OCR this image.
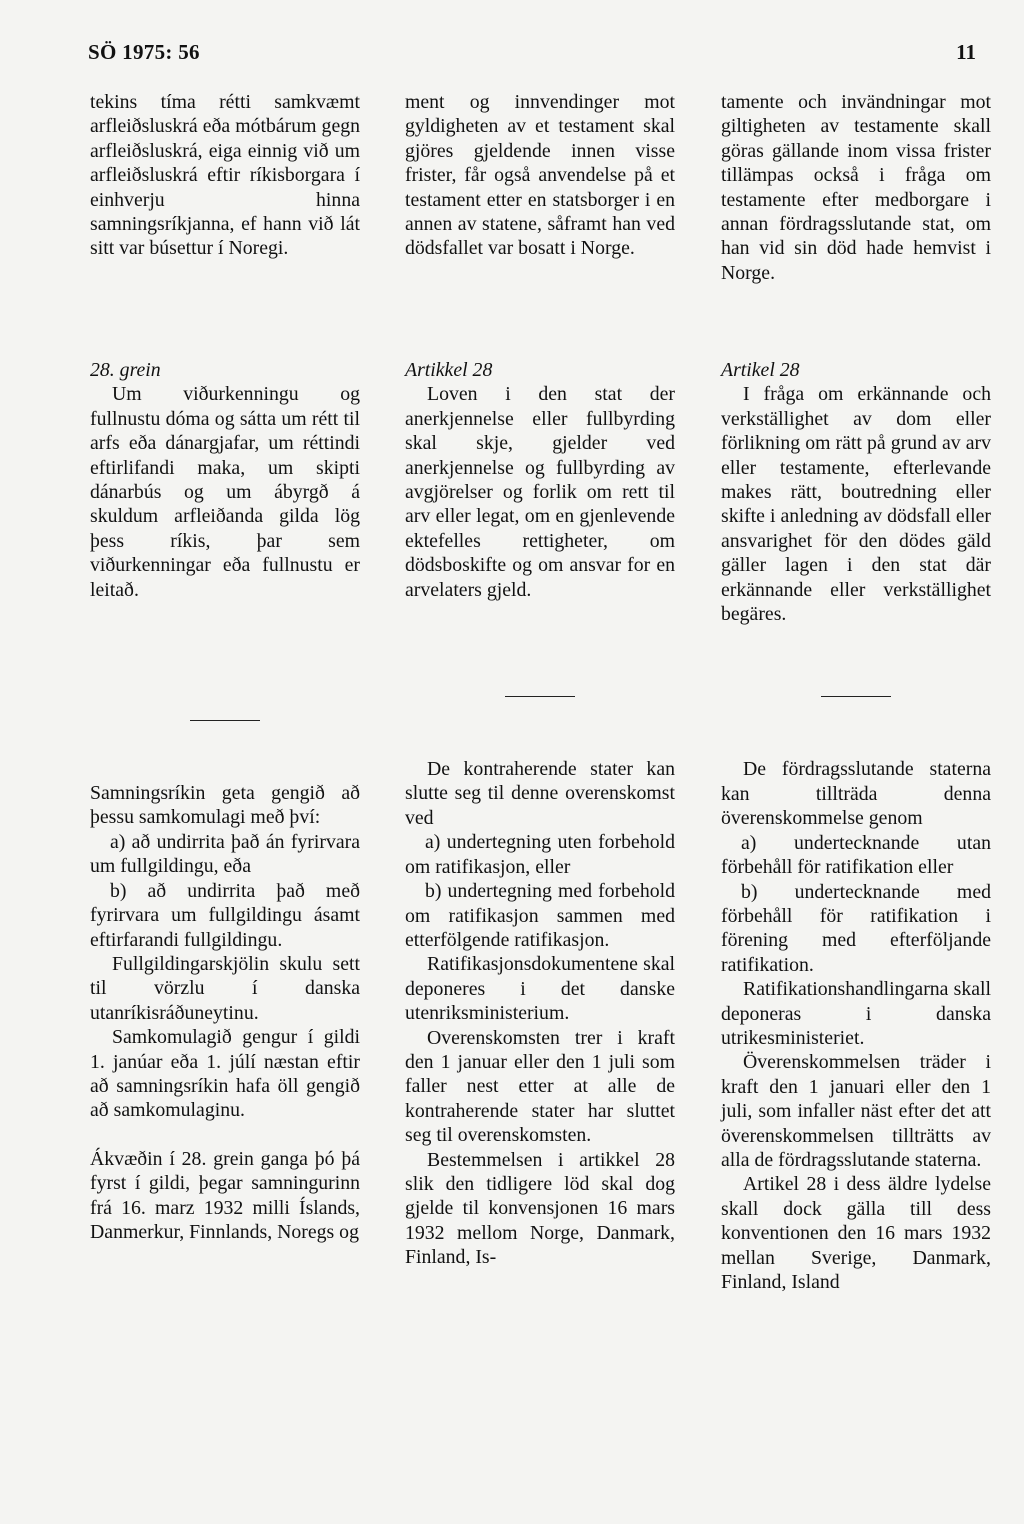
SÖ 1975: 56	11

tekins tíma rétti samkvæmt arfleiðsluskrá eða mótbárum gegn arfleiðsluskrá, eiga einnig við um arfleiðsluskrá eftir ríkisborgara í einhverju hinna samningsríkjanna, ef hann við lát sitt var búsettur í Noregi.

28. grein

Um viðurkenningu og fullnustu dóma og sátta um rétt til arfs eða dánargjafar, um réttindi eftirlifandi maka, um skipti dánarbús og um ábyrgð á skuldum arfleiðanda gilda lög þess ríkis, þar sem viðurkenningar eða fullnustu er leitað.

Samningsríkin geta gengið að þessu samkomulagi með því:

a) að undirrita það án fyrirvara um fullgildingu, eða

b) að undirrita það með fyrirvara um fullgildingu ásamt eftirfarandi fullgildingu.

Fullgildingarskjölin skulu sett til vörzlu í danska utanríkisráðuneytinu.

Samkomulagið gengur í gildi 1. janúar eða 1. júlí næstan eftir að samningsríkin hafa öll gengið að samkomulaginu.

Ákvæðin í 28. grein ganga þó þá fyrst í gildi, þegar samningurinn frá 16. marz 1932 milli Íslands, Danmerkur, Finnlands, Noregs og

ment og innvendinger mot gyldigheten av et testament skal gjöres gjeldende innen visse frister, får også anvendelse på et testament etter en statsborger i en annen av statene, såframt han ved dödsfallet var bosatt i Norge.

Artikkel 28

Loven i den stat der anerkjennelse eller fullbyrding skal skje, gjelder ved anerkjennelse og fullbyrding av avgjörelser og forlik om rett til arv eller legat, om en gjenlevende ektefelles rettigheter, om dödsboskifte og om ansvar for en arvelaters gjeld.

De kontraherende stater kan slutte seg til denne overenskomst ved

a) undertegning uten forbehold om ratifikasjon, eller

b) undertegning med forbehold om ratifikasjon sammen med etterfölgende ratifikasjon.

Ratifikasjonsdokumentene skal deponeres i det danske utenriksministerium.

Overenskomsten trer i kraft den 1 januar eller den 1 juli som faller nest etter at alle de kontraherende stater har sluttet seg til overenskomsten.

Bestemmelsen i artikkel 28 slik den tidligere löd skal dog gjelde til konvensjonen 16 mars 1932 mellom Norge, Danmark, Finland, Is-

tamente och invändningar mot giltigheten av testamente skall göras gällande inom vissa frister tillämpas också i fråga om testamente efter medborgare i annan fördragsslutande stat, om han vid sin död hade hemvist i Norge.

Artikel 28

I fråga om erkännande och verkställighet av dom eller förlikning om rätt på grund av arv eller testamente, efterlevande makes rätt, boutredning eller skifte i anledning av dödsfall eller ansvarighet för den dödes gäld gäller lagen i den stat där erkännande eller verkställighet begäres.

De fördragsslutande staterna kan tillträda denna överenskommelse genom

a) undertecknande utan förbehåll för ratifikation eller

b) undertecknande med förbehåll för ratifikation i förening med efterföljande ratifikation.

Ratifikationshandlingarna skall deponeras i danska utrikesministeriet.

Överenskommelsen träder i kraft den 1 januari eller den 1 juli, som infaller näst efter det att överenskommelsen tillträtts av alla de fördragsslutande staterna.

Artikel 28 i dess äldre lydelse skall dock gälla till dess konventionen den 16 mars 1932 mellan Sverige, Danmark, Finland, Island
